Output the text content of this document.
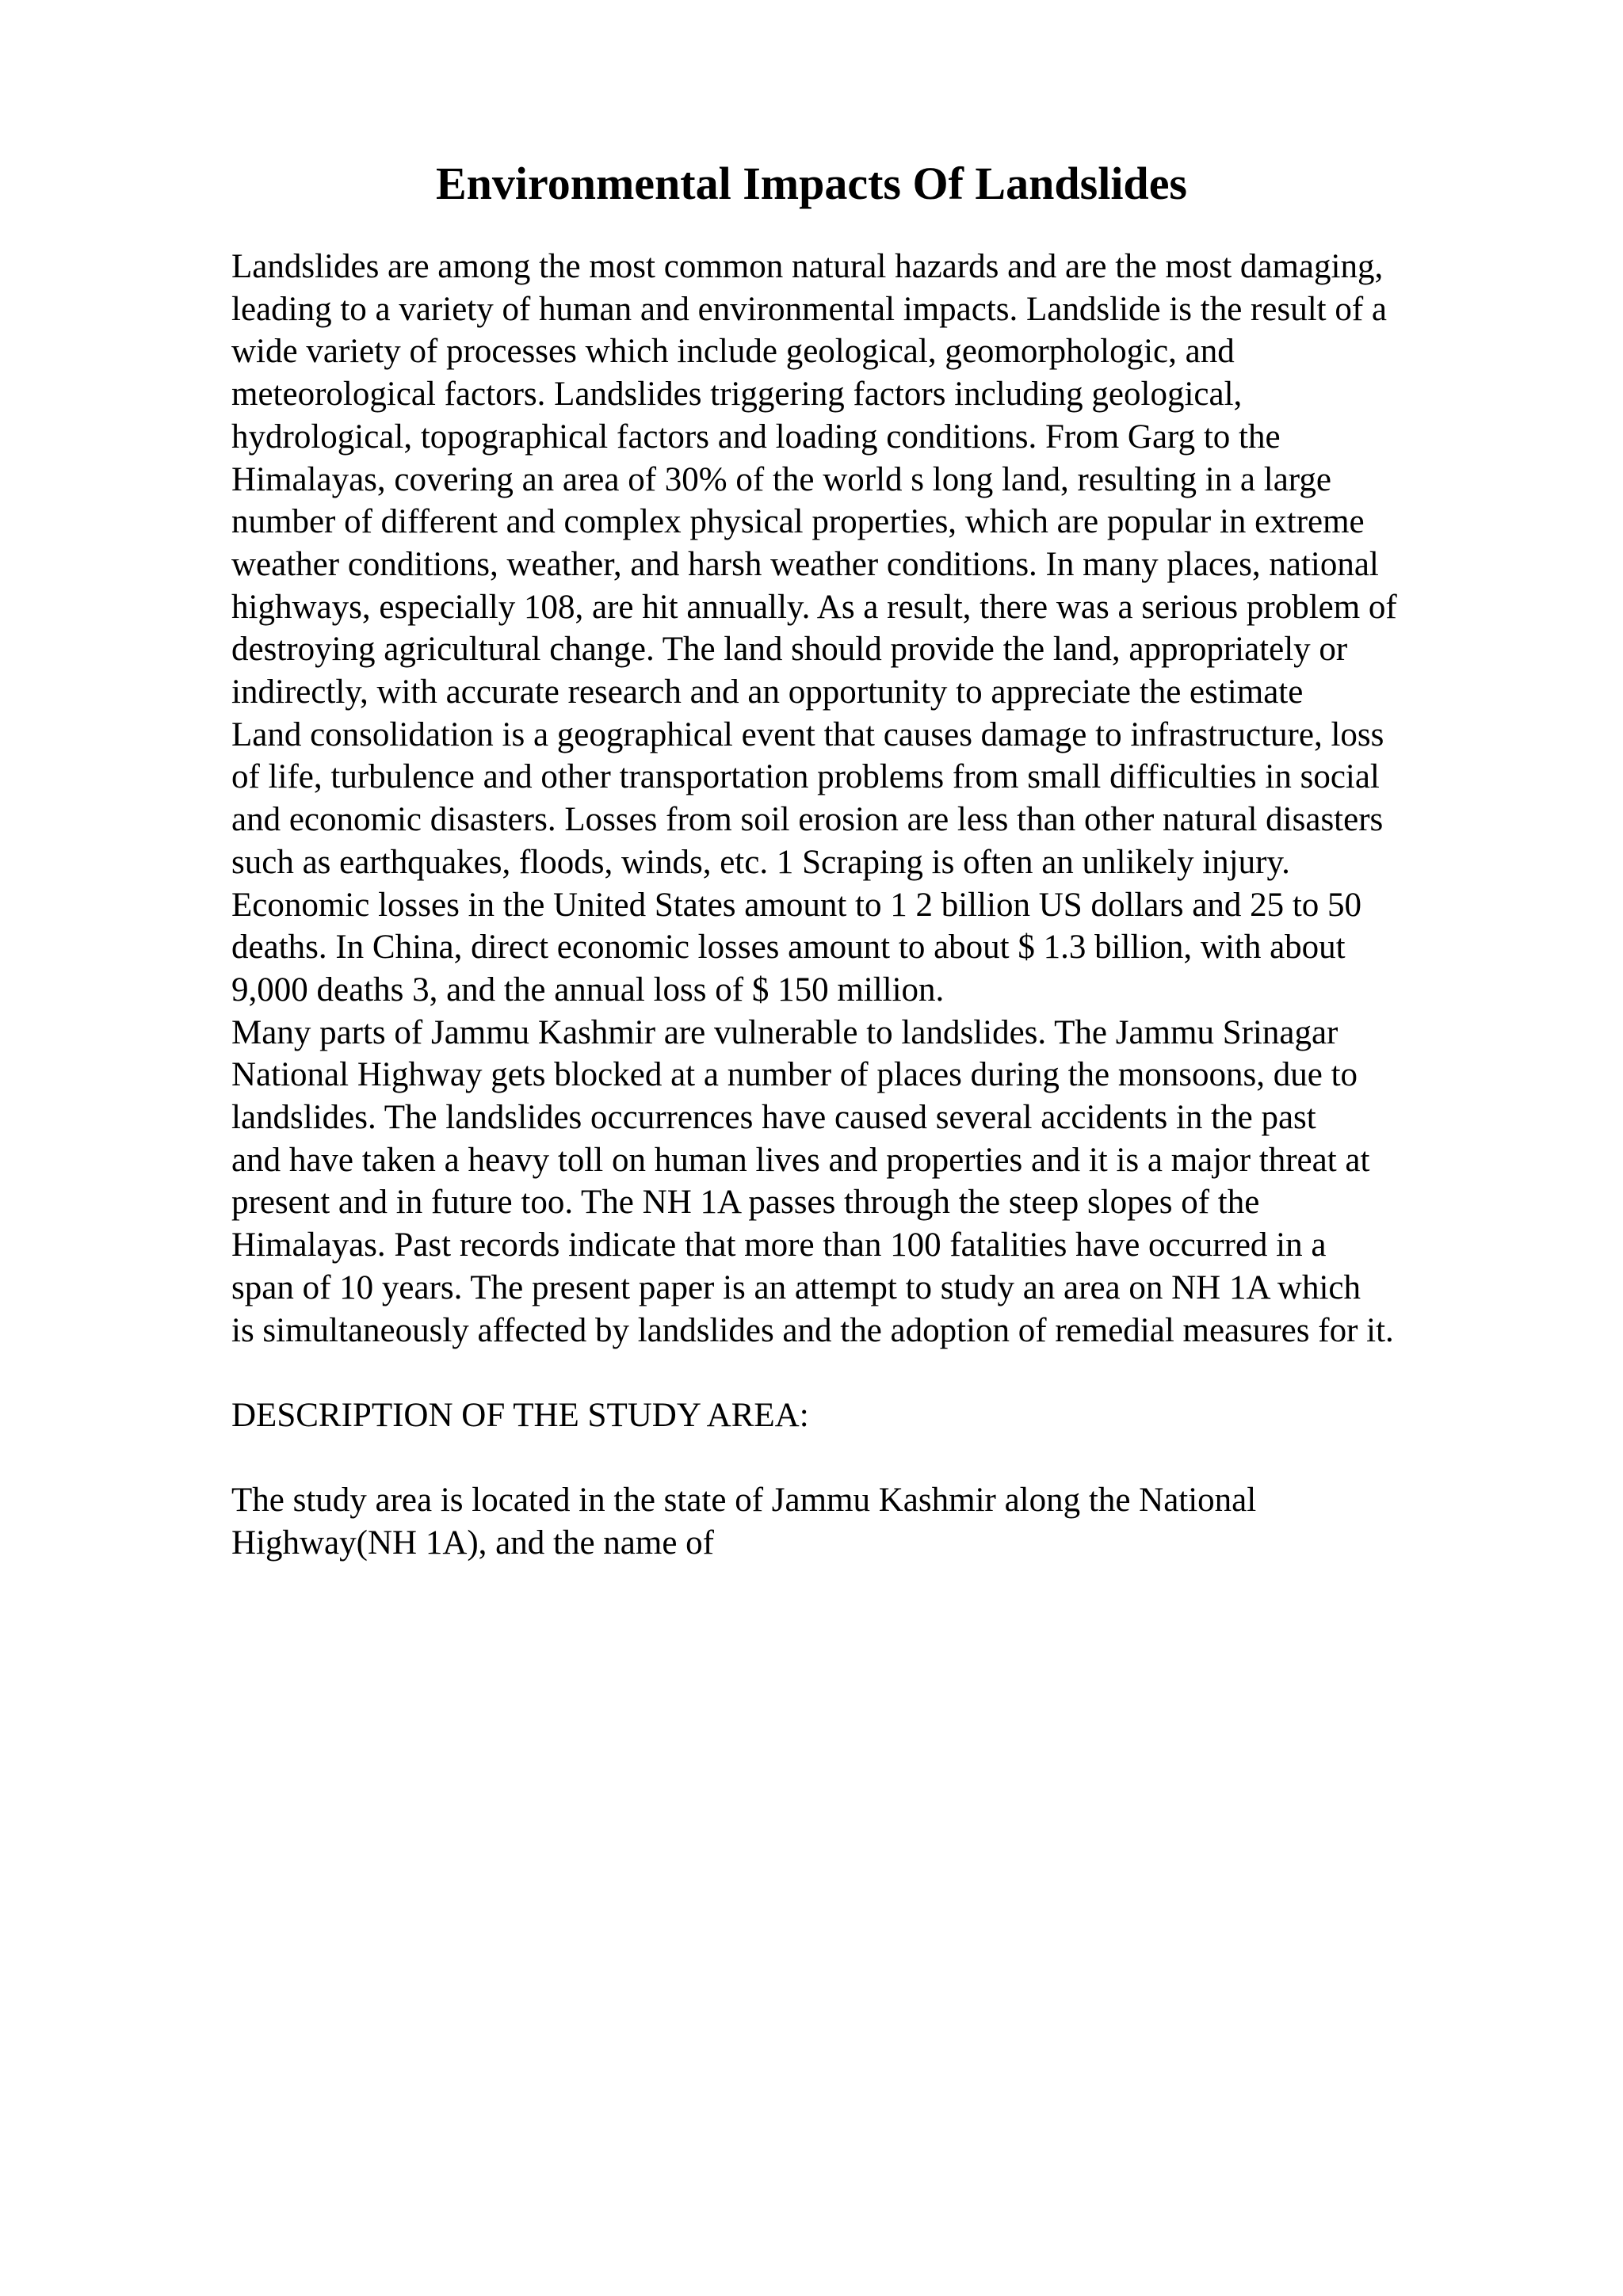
Environmental Impacts Of Landslides
Landslides are among the most common natural hazards and are the most damaging,
leading to a variety of human and environmental impacts. Landslide is the result of a
wide variety of processes which include geological, geomorphologic, and
meteorological factors. Landslides triggering factors including geological,
hydrological, topographical factors and loading conditions. From Garg to the
Himalayas, covering an area of 30% of the world s long land, resulting in a large
number of different and complex physical properties, which are popular in extreme
weather conditions, weather, and harsh weather conditions. In many places, national
highways, especially 108, are hit annually. As a result, there was a serious problem of
destroying agricultural change. The land should provide the land, appropriately or
indirectly, with accurate research and an opportunity to appreciate the estimate
Land consolidation is a geographical event that causes damage to infrastructure, loss
of life, turbulence and other transportation problems from small difficulties in social
and economic disasters. Losses from soil erosion are less than other natural disasters
such as earthquakes, floods, winds, etc. 1 Scraping is often an unlikely injury.
Economic losses in the United States amount to 1 2 billion US dollars and 25 to 50
deaths. In China, direct economic losses amount to about $ 1.3 billion, with about
9,000 deaths 3, and the annual loss of $ 150 million.
Many parts of Jammu Kashmir are vulnerable to landslides. The Jammu Srinagar
National Highway gets blocked at a number of places during the monsoons, due to
landslides. The landslides occurrences have caused several accidents in the past
and have taken a heavy toll on human lives and properties and it is a major threat at
present and in future too. The NH 1A passes through the steep slopes of the
Himalayas. Past records indicate that more than 100 fatalities have occurred in a
span of 10 years. The present paper is an attempt to study an area on NH 1A which
is simultaneously affected by landslides and the adoption of remedial measures for it.
DESCRIPTION OF THE STUDY AREA:
The study area is located in the state of Jammu Kashmir along the National
Highway(NH 1A), and the name of
